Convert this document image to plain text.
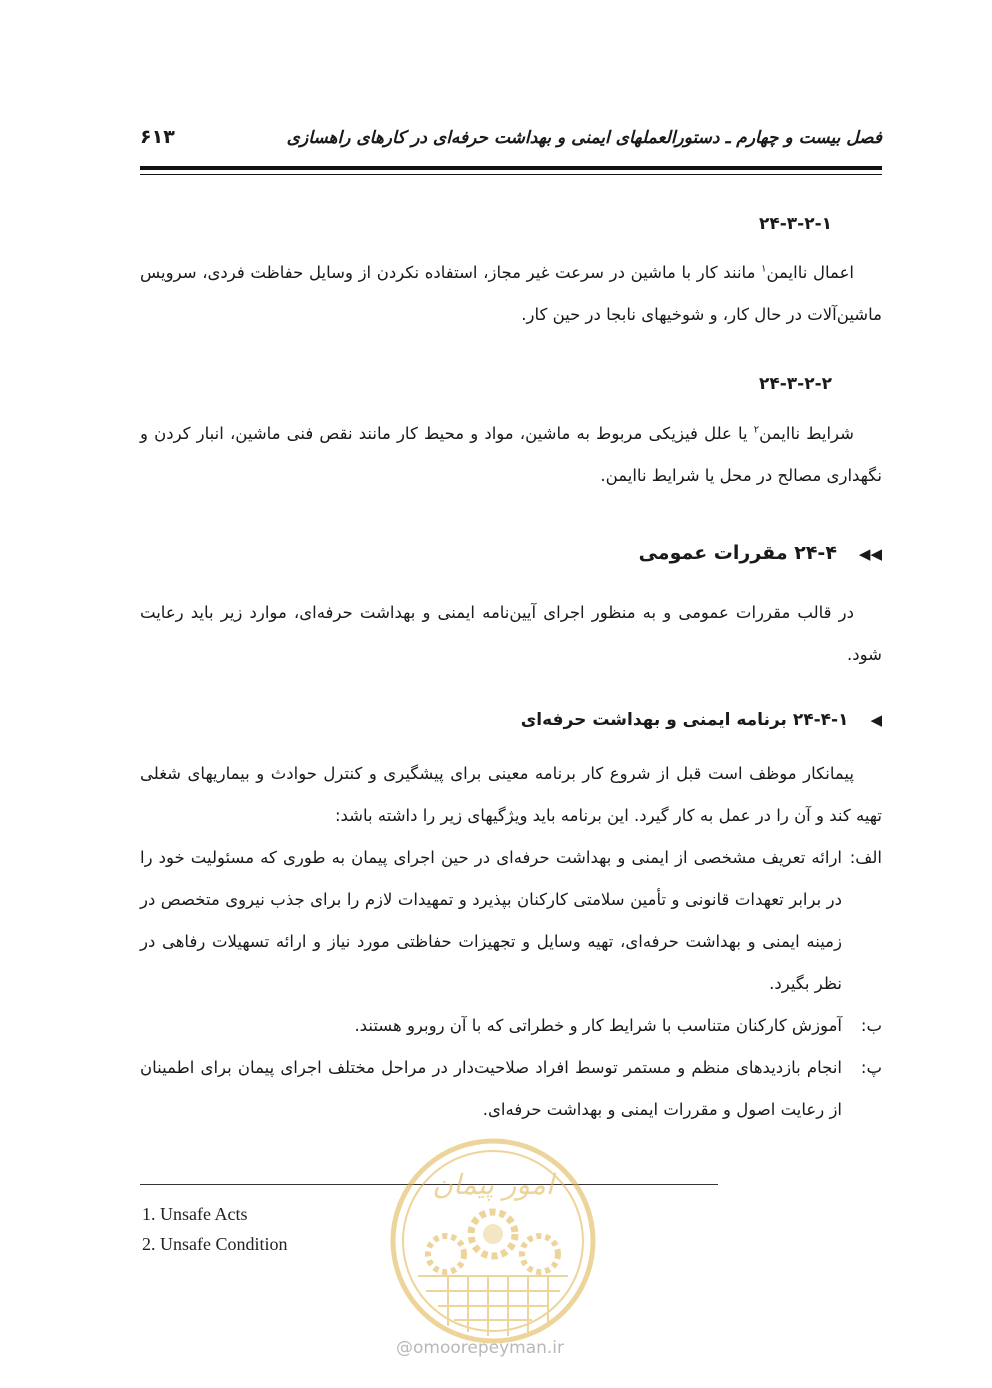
فصل بیست و چهارم ـ دستورالعملهای ایمنی و بهداشت حرفه‌ای در کارهای راهسازی
۶۱۳
۲۴-۳-۲-۱

اعمال ناایمن$^۱$ مانند کار با ماشین در سرعت غیر مجاز، استفاده نکردن از وسایل حفاظت فردی، سرویس ماشین‌آلات در حال کار، و شوخیهای نابجا در حین کار.

۲۴-۳-۲-۲

شرایط ناایمن$^۲$ یا علل فیزیکی مربوط به ماشین، مواد و محیط کار مانند نقص فنی ماشین، انبار کردن و نگهداری مصالح در محل یا شرایط ناایمن.

◀◀۲۴-۴ مقررات عمومی

در قالب مقررات عمومی و به منظور اجرای آیین‌نامه ایمنی و بهداشت حرفه‌ای، موارد زیر باید رعایت شود.

◀۲۴-۴-۱ برنامه ایمنی و بهداشت حرفه‌ای

پیمانکار موظف است قبل از شروع کار برنامه معینی برای پیشگیری و کنترل حوادث و بیماریهای شغلی تهیه کند و آن را در عمل به کار گیرد. این برنامه باید ویژگیهای زیر را داشته باشد:

الف:
ارائه تعریف مشخصی از ایمنی و بهداشت حرفه‌ای در حین اجرای پیمان به طوری که مسئولیت خود را در برابر تعهدات قانونی و تأمین سلامتی کارکنان بپذیرد و تمهیدات لازم را برای جذب نیروی متخصص در زمینه ایمنی و بهداشت حرفه‌ای، تهیه وسایل و تجهیزات حفاظتی مورد نیاز و ارائه تسهیلات رفاهی در نظر بگیرد.
ب:
آموزش کارکنان متناسب با شرایط کار و خطراتی که با آن روبرو هستند.
پ:
انجام بازدیدهای منظم و مستمر توسط افراد صلاحیت‌دار در مراحل مختلف اجرای پیمان برای اطمینان از رعایت اصول و مقررات ایمنی و بهداشت حرفه‌ای.
1. Unsafe Acts
2. Unsafe Condition
امور پیمان
@omoorepeyman.ir
